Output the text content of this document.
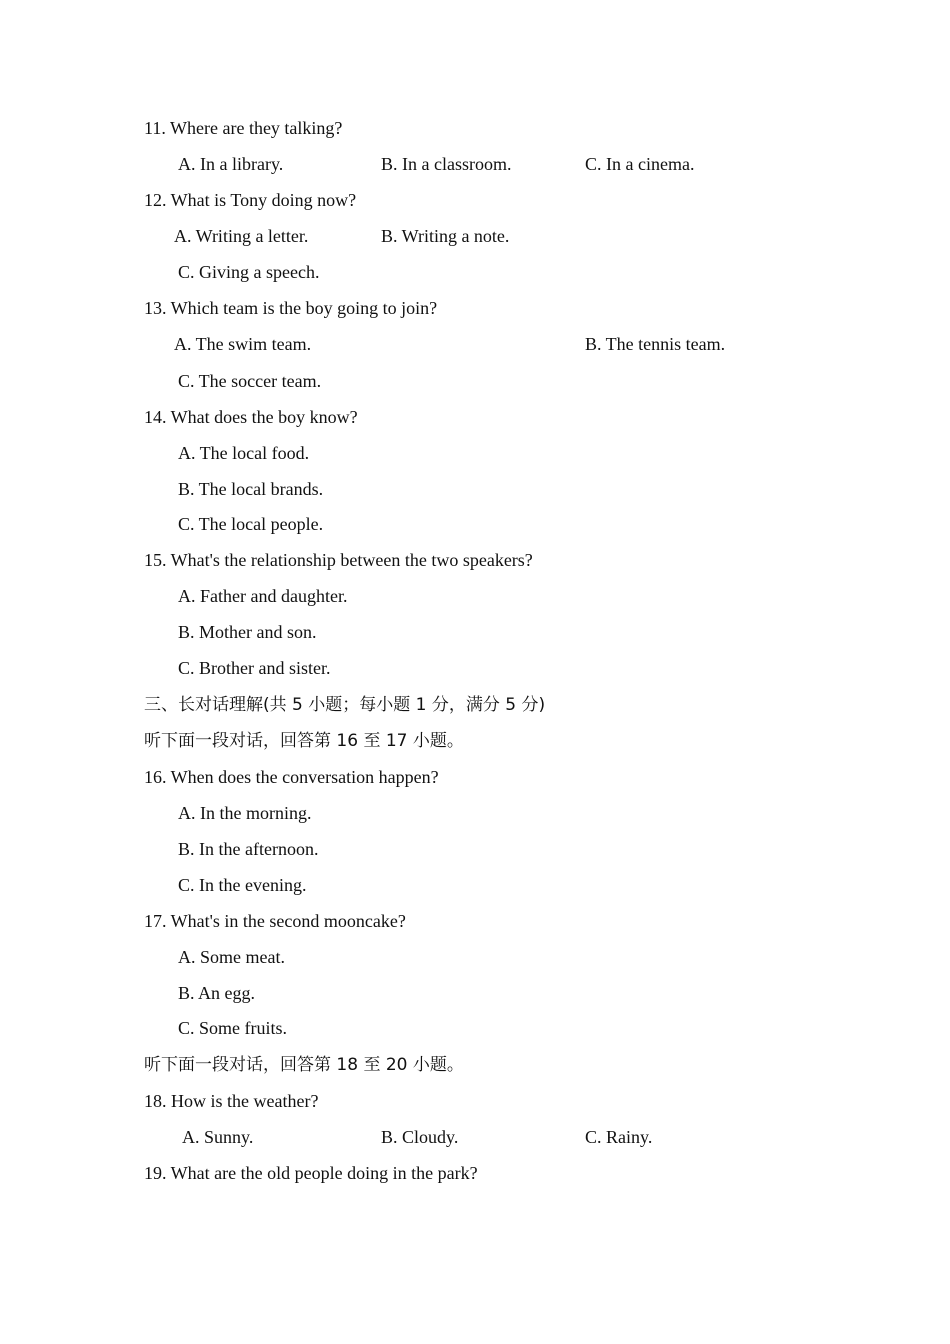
11. Where are they talking?
A. In a library.	B. In a classroom.	C. In a cinema.
12. What is Tony doing now?
A. Writing a letter.	B. Writing a note.
C. Giving a speech.
13. Which team is the boy going to join?
A. The swim team.	B. The tennis team.
C. The soccer team.
14. What does the boy know?
A. The local food.
B. The local brands.
C. The local people.
15. What's the relationship between the two speakers?
A. Father and daughter.
B. Mother and son.
C. Brother and sister.
三、长对话理解(共 5 小题；每小题 1 分，满分 5 分)
听下面一段对话，回答第 16 至 17 小题。
16. When does the conversation happen?
A. In the morning.
B. In the afternoon.
C. In the evening.
17. What's in the second mooncake?
A. Some meat.
B. An egg.
C. Some fruits.
听下面一段对话，回答第 18 至 20 小题。
18. How is the weather?
A. Sunny.	B. Cloudy.	C. Rainy.
19. What are the old people doing in the park?
